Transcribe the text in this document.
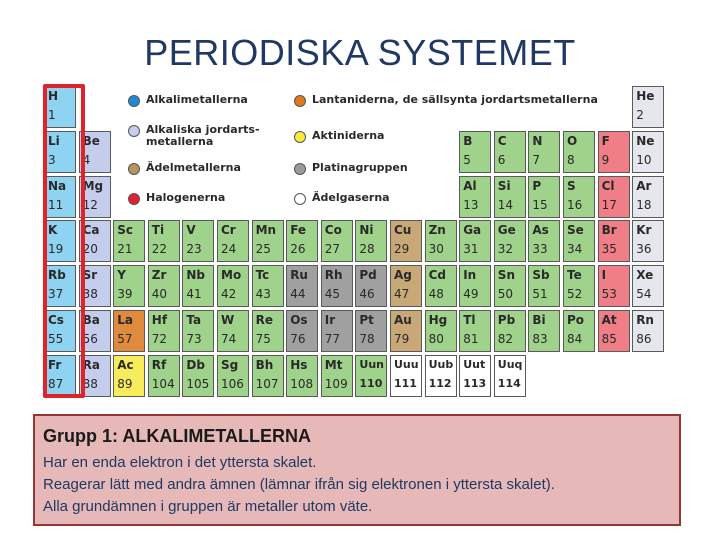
PERIODISKA SYSTEMET
Alkalimetallerna
Alkaliska jordarts-
metallerna
Ädelmetallerna
Halogenerna
Lantaniderna, de sällsynta jordartsmetallerna
Aktiniderna
Platinagruppen
Ädelgaserna
H
1
He
2
Li
3
Be
4
B
5
C
6
N
7
O
8
F
9
Ne
10
Na
11
Mg
12
Al
13
Si
14
P
15
S
16
Cl
17
Ar
18
K
19
Ca
20
Sc
21
Ti
22
V
23
Cr
24
Mn
25
Fe
26
Co
27
Ni
28
Cu
29
Zn
30
Ga
31
Ge
32
As
33
Se
34
Br
35
Kr
36
Rb
37
Sr
38
Y
39
Zr
40
Nb
41
Mo
42
Tc
43
Ru
44
Rh
45
Pd
46
Ag
47
Cd
48
In
49
Sn
50
Sb
51
Te
52
I
53
Xe
54
Cs
55
Ba
56
La
57
Hf
72
Ta
73
W
74
Re
75
Os
76
Ir
77
Pt
78
Au
79
Hg
80
Tl
81
Pb
82
Bi
83
Po
84
At
85
Rn
86
Fr
87
Ra
88
Ac
89
Rf
104
Db
105
Sg
106
Bh
107
Hs
108
Mt
109
Uun
110
Uuu
111
Uub
112
Uut
113
Uuq
114
Grupp 1: ALKALIMETALLERNA
Har en enda elektron i det yttersta skalet.
Reagerar lätt med andra ämnen (lämnar ifrån sig elektronen i yttersta skalet).
Alla grundämnen i gruppen är metaller utom väte.
